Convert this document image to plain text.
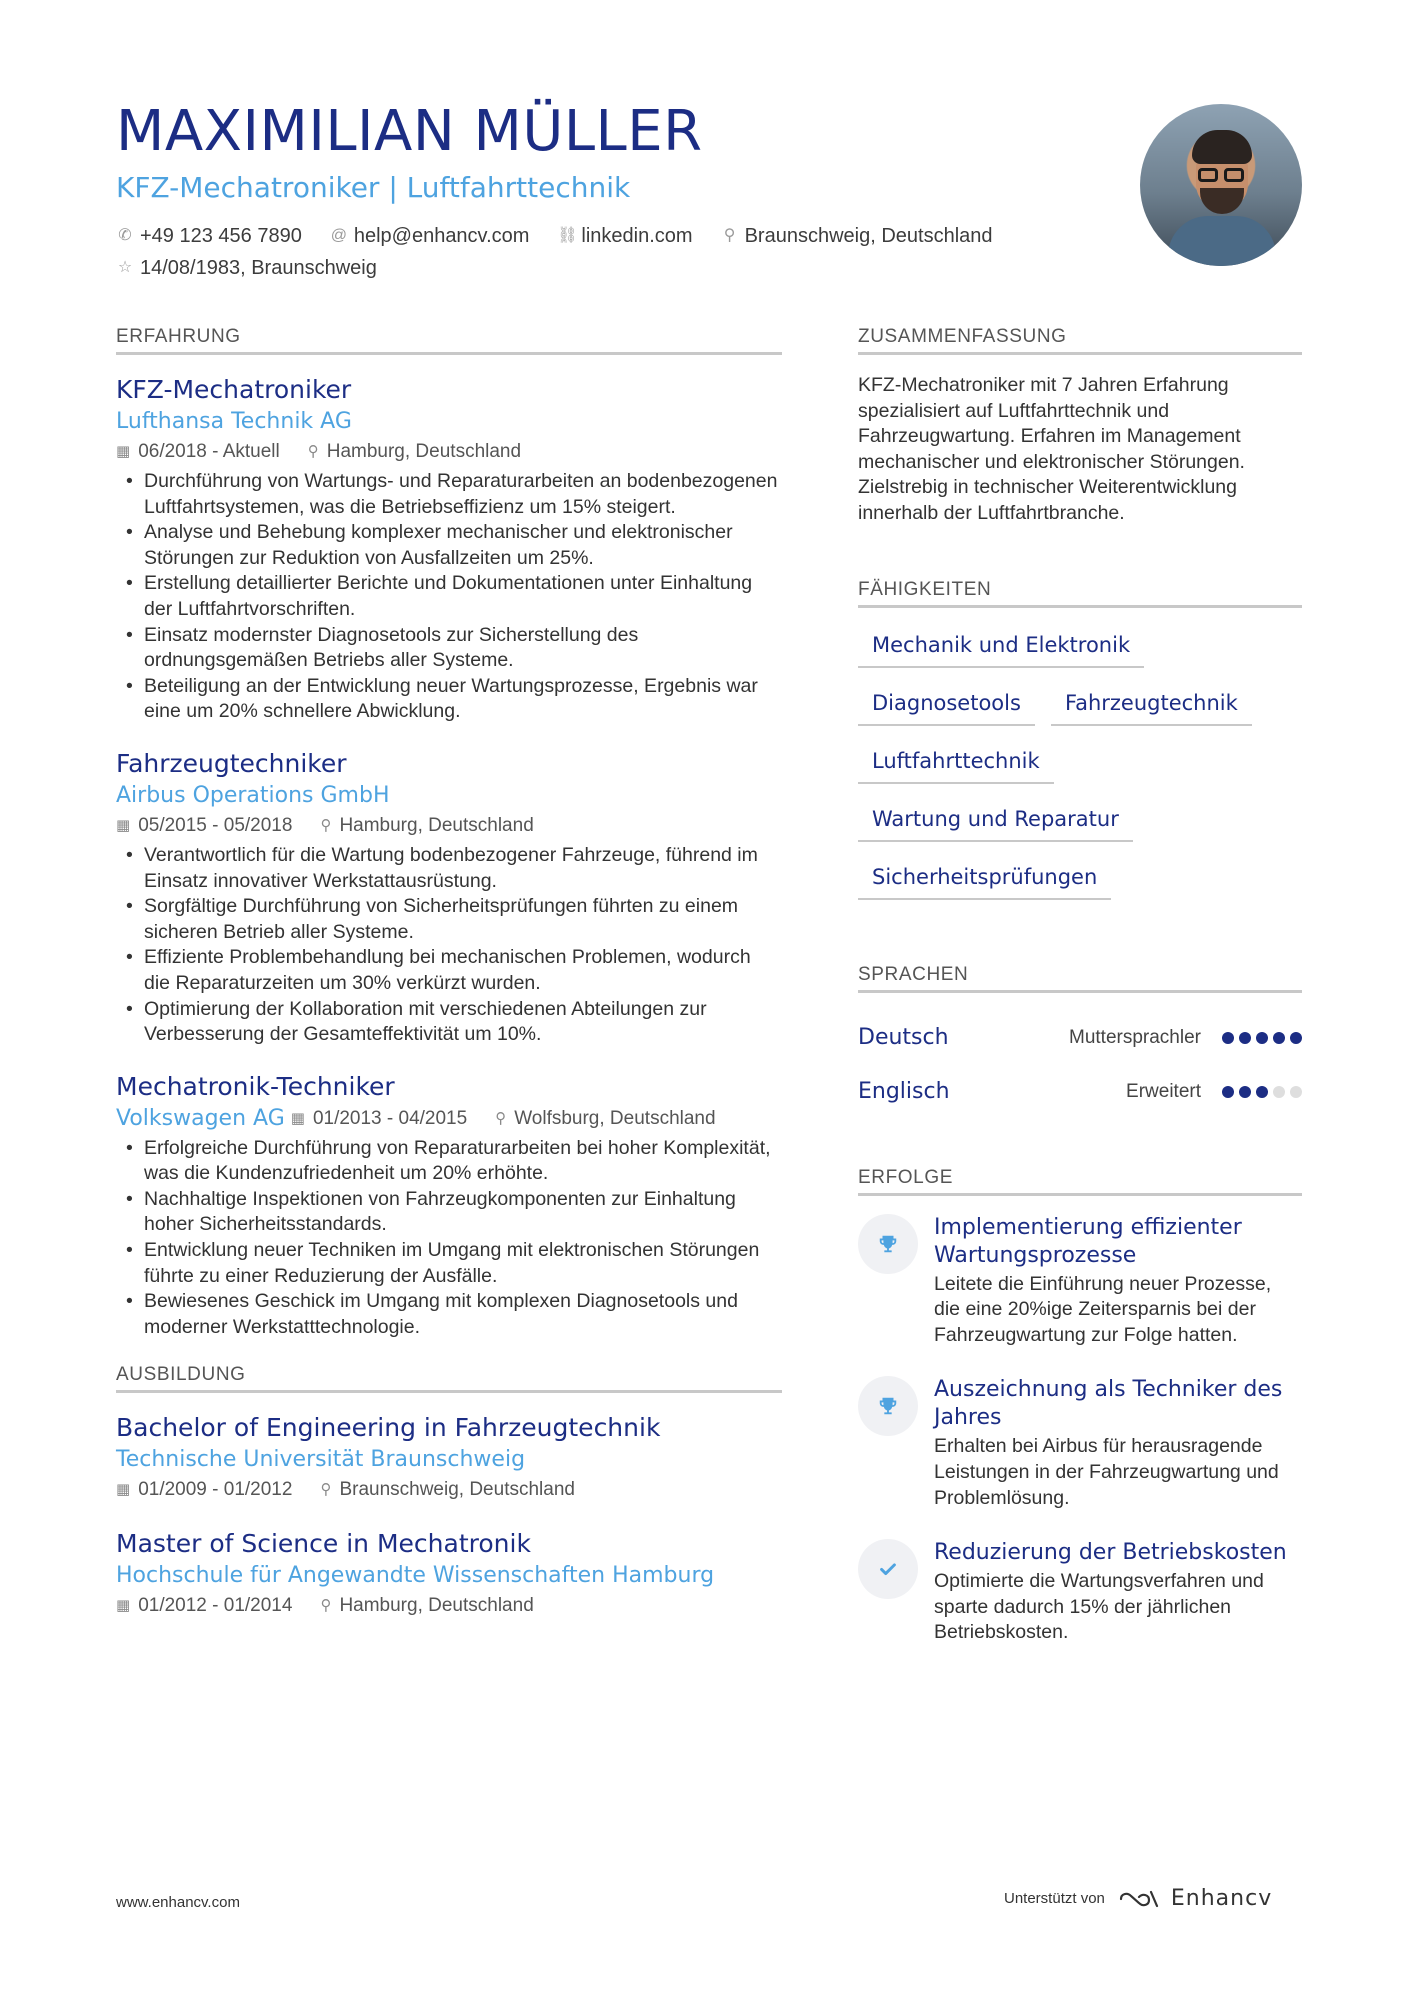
MAXIMILIAN MÜLLER
KFZ-Mechatroniker | Luftfahrttechnik
✆ +49 123 456 7890 @ help@enhancv.com ⛓ linkedin.com ⚲ Braunschweig, Deutschland
☆ 14/08/1983, Braunschweig
ERFAHRUNG
KFZ-Mechatroniker
Lufthansa Technik AG
▦ 06/2018 - Aktuell ⚲ Hamburg, Deutschland
• Durchführung von Wartungs- und Reparaturarbeiten an bodenbezogenen Luftfahrtsystemen, was die Betriebseffizienz um 15% steigert.
• Analyse und Behebung komplexer mechanischer und elektronischer Störungen zur Reduktion von Ausfallzeiten um 25%.
• Erstellung detaillierter Berichte und Dokumentationen unter Einhaltung der Luftfahrtvorschriften.
• Einsatz modernster Diagnosetools zur Sicherstellung des ordnungsgemäßen Betriebs aller Systeme.
• Beteiligung an der Entwicklung neuer Wartungsprozesse, Ergebnis war eine um 20% schnellere Abwicklung.
Fahrzeugtechniker
Airbus Operations GmbH
▦ 05/2015 - 05/2018 ⚲ Hamburg, Deutschland
• Verantwortlich für die Wartung bodenbezogener Fahrzeuge, führend im Einsatz innovativer Werkstattausrüstung.
• Sorgfältige Durchführung von Sicherheitsprüfungen führten zu einem sicheren Betrieb aller Systeme.
• Effiziente Problembehandlung bei mechanischen Problemen, wodurch die Reparaturzeiten um 30% verkürzt wurden.
• Optimierung der Kollaboration mit verschiedenen Abteilungen zur Verbesserung der Gesamteffektivität um 10%.
Mechatronik-Techniker
Volkswagen AG ▦ 01/2013 - 04/2015 ⚲ Wolfsburg, Deutschland
• Erfolgreiche Durchführung von Reparaturarbeiten bei hoher Komplexität, was die Kundenzufriedenheit um 20% erhöhte.
• Nachhaltige Inspektionen von Fahrzeugkomponenten zur Einhaltung hoher Sicherheitsstandards.
• Entwicklung neuer Techniken im Umgang mit elektronischen Störungen führte zu einer Reduzierung der Ausfälle.
• Bewiesenes Geschick im Umgang mit komplexen Diagnosetools und moderner Werkstatttechnologie.
AUSBILDUNG
Bachelor of Engineering in Fahrzeugtechnik
Technische Universität Braunschweig
▦ 01/2009 - 01/2012 ⚲ Braunschweig, Deutschland
Master of Science in Mechatronik
Hochschule für Angewandte Wissenschaften Hamburg
▦ 01/2012 - 01/2014 ⚲ Hamburg, Deutschland
ZUSAMMENFASSUNG
KFZ-Mechatroniker mit 7 Jahren Erfahrung spezialisiert auf Luftfahrttechnik und Fahrzeugwartung. Erfahren im Management mechanischer und elektronischer Störungen. Zielstrebig in technischer Weiterentwicklung innerhalb der Luftfahrtbranche.
FÄHIGKEITEN
Mechanik und Elektronik
Diagnosetools	Fahrzeugtechnik
Luftfahrttechnik
Wartung und Reparatur
Sicherheitsprüfungen
SPRACHEN
Deutsch	Muttersprachler
Englisch	Erweitert
ERFOLGE
Implementierung effizienter Wartungsprozesse
Leitete die Einführung neuer Prozesse, die eine 20%ige Zeitersparnis bei der Fahrzeugwartung zur Folge hatten.
Auszeichnung als Techniker des Jahres
Erhalten bei Airbus für herausragende Leistungen in der Fahrzeugwartung und Problemlösung.
Reduzierung der Betriebskosten
Optimierte die Wartungsverfahren und sparte dadurch 15% der jährlichen Betriebskosten.
www.enhancv.com	Unterstützt von	Enhancv
